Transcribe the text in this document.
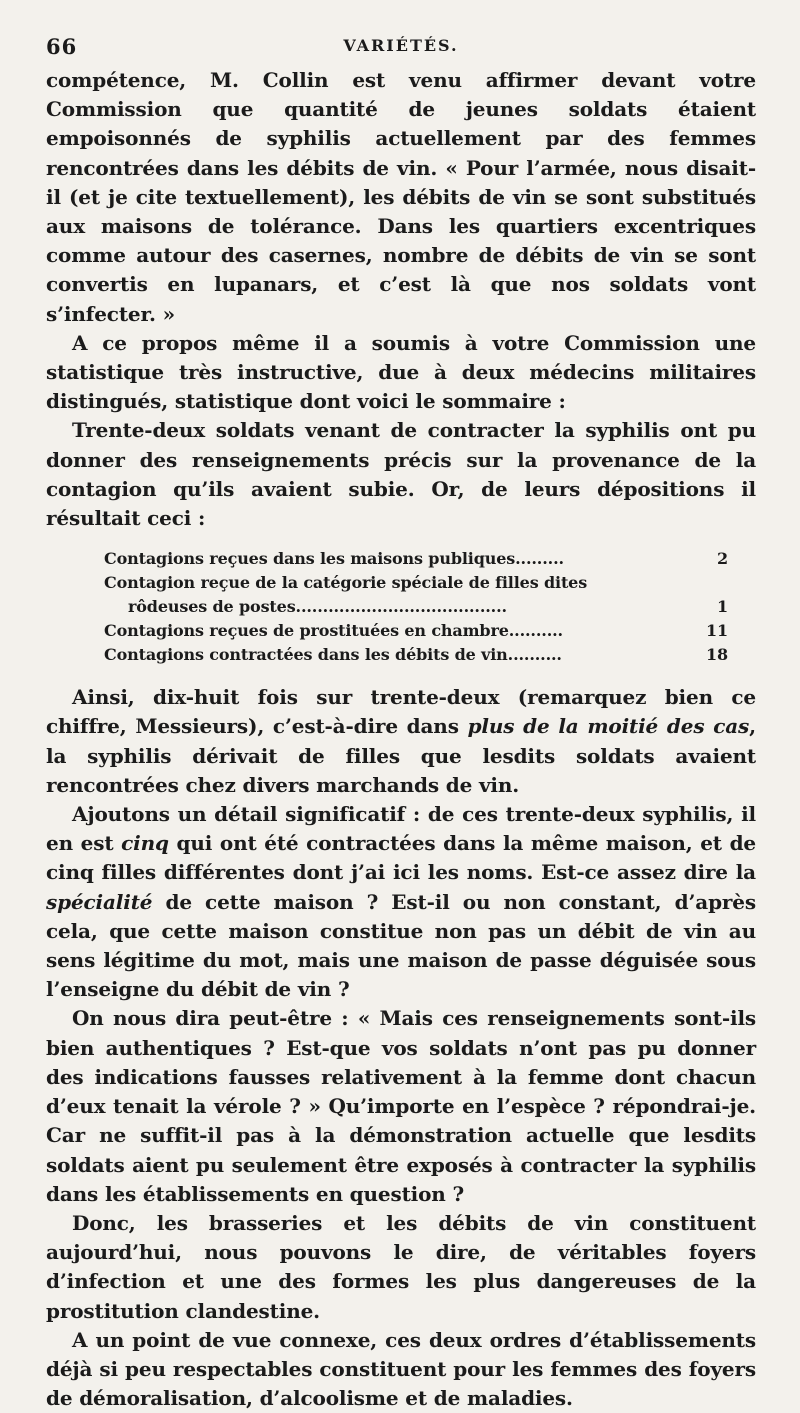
66	VARIÉTÉS.

compétence, M. Collin est venu affirmer devant votre Commission que quantité de jeunes soldats étaient empoisonnés de syphilis actuellement par des femmes rencontrées dans les débits de vin. « Pour l’armée, nous disait-il (et je cite textuellement), les débits de vin se sont substitués aux maisons de tolérance. Dans les quartiers excentriques comme autour des casernes, nombre de débits de vin se sont convertis en lupanars, et c’est là que nos soldats vont s’infecter. »

A ce propos même il a soumis à votre Commission une statistique très instructive, due à deux médecins militaires distingués, statistique dont voici le sommaire :

Trente-deux soldats venant de contracter la syphilis ont pu donner des renseignements précis sur la provenance de la contagion qu’ils avaient subie. Or, de leurs dépositions il résultait ceci :

Contagions reçues dans les maisons publiques.........	2
Contagion reçue de la catégorie spéciale de filles dites
rôdeuses de postes.......................................	1
Contagions reçues de prostituées en chambre..........	11
Contagions contractées dans les débits de vin..........	18

Ainsi, dix-huit fois sur trente-deux (remarquez bien ce chiffre, Messieurs), c’est-à-dire dans plus de la moitié des cas, la syphilis dérivait de filles que lesdits soldats avaient rencontrées chez divers marchands de vin.

Ajoutons un détail significatif : de ces trente-deux syphilis, il en est cinq qui ont été contractées dans la même maison, et de cinq filles différentes dont j’ai ici les noms. Est-ce assez dire la spécialité de cette maison ? Est-il ou non constant, d’après cela, que cette maison constitue non pas un débit de vin au sens légitime du mot, mais une maison de passe déguisée sous l’enseigne du débit de vin ?

On nous dira peut-être : « Mais ces renseignements sont-ils bien authentiques ? Est-que vos soldats n’ont pas pu donner des indications fausses relativement à la femme dont chacun d’eux tenait la vérole ? » Qu’importe en l’espèce ? répondrai-je. Car ne suffit-il pas à la démonstration actuelle que lesdits soldats aient pu seulement être exposés à contracter la syphilis dans les établissements en question ?

Donc, les brasseries et les débits de vin constituent aujourd’hui, nous pouvons le dire, de véritables foyers d’infection et une des formes les plus dangereuses de la prostitution clandestine.

A un point de vue connexe, ces deux ordres d’établissements déjà si peu respectables constituent pour les femmes des foyers de démoralisation, d’alcoolisme et de maladies.
